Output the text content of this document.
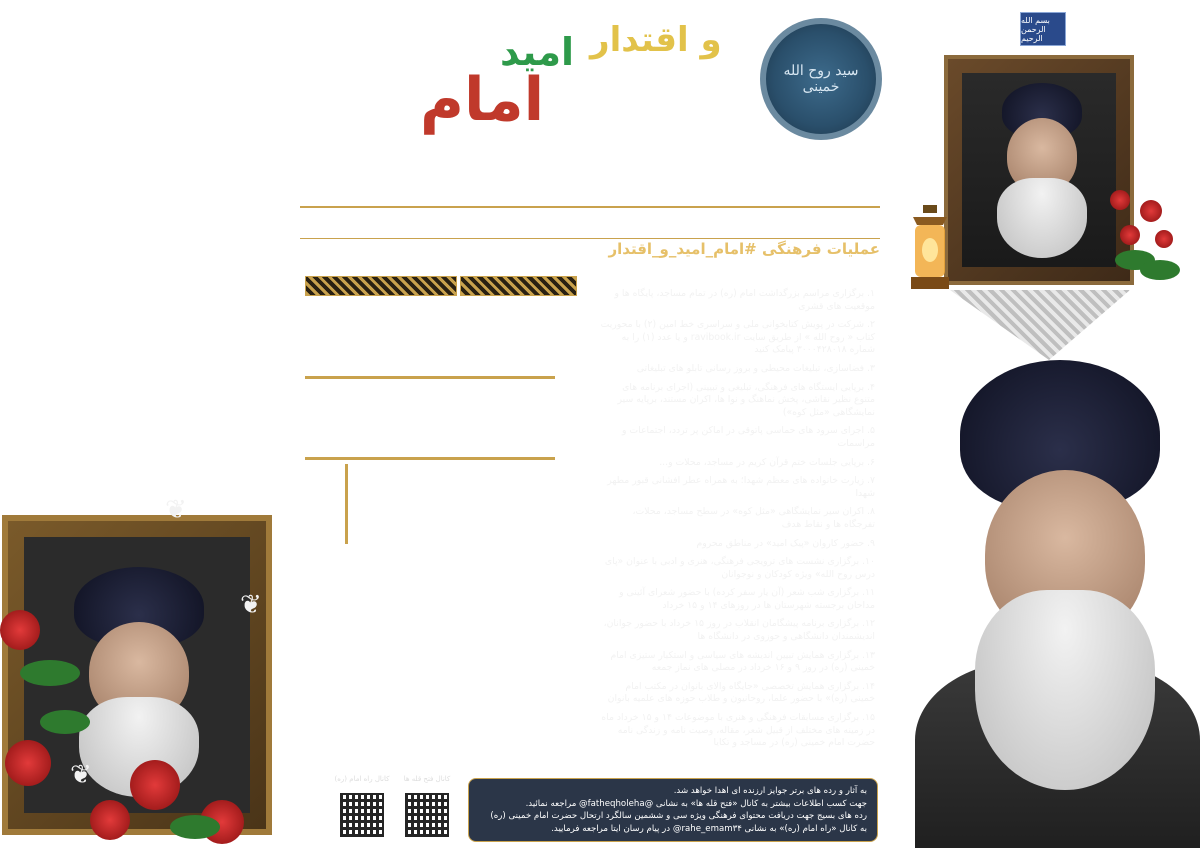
امام
امید و اقتدار
سید روح الله خمینی
بسم الله الرحمن الرحیم
به مناسبت سی و ششمین سالگرد ارتحال امام خمینی (ره)
به همت معاونت فرهنگی هنری سازمان بسیج مستضعفین
عملیات فرهنگی #امام_امید_و_اقتدار
۱۳ الی ۱۵ خرداد ماه ۱۴۰۴
آثار ارسالی بایستی مطابق با محور های عملیات فرهنگی باشد
۱_ فیلم ۶۰ الی ۱۰۰ ثانیه ای
۲_ عکس
شرکت کنندگان می توانند آثار خود را مطابق محور های ابلاغی درگروه های فتح قله های استان ها ارسال نمایند.
هشتگ محور های ابلاغی #امام_امید_و_اقتدار بایستی در تمامی گزارشات و آثار ارسالی رده ها درگروه های فتح قله های استان ها درج گردد.
کانال راه امام (ره)	کانال فتح قله ها
اداره عملیات تبلیغی و فضاسازی
معاونت فرهنگی هنری سازمان بسیج مستضعفین
محور های عملیات فرهنگی:
۱. برگزاری مراسم بزرگداشت امام (ره) در تمام مساجد، پایگاه ها و موقعیت های قشری
۲. شرکت در پویش کتابخوانی ملی و سراسری خط امین (۲) با محوریت کتاب « روح الله » از طریق سایت ravibook.ir و یا عدد (۱) را به شماره ۳۰۰۰۴۲۸۰۱۸ پیامک کنید
۳. فضاسازی، تبلیغات محیطی و بروز رسانی تابلو های تبلیغاتی
۴. برپایی ایستگاه های فرهنگی، تبلیغی و تبیینی (اجرای برنامه های متنوع نظیر نقاشی، پخش نماهنگ و نوا ها، اکران مستند، برپایه سیر نمایشگاهی «مثل کوه»)
۵. اجرای سرود های حماسی پاتوقی در اماکن پر تردد، اجتماعات و مراسمات
۶. برپایی جلسات ختم قرآن کریم در مساجد، محلات و...
۷. زیارت خانواده های معظم شهدا؛ به همراه عطر افشانی قبور مطهر شهدا
۸. اکران سیر نمایشگاهی «مثل کوه» در سطح مساجد، محلات، تفرجگاه ها و نقاط هدف
۹. حضور کاروان «پیک امید» در مناطق محروم
۱۰. برگزاری نشست های ترویجی فرهنگی، هنری و ادبی با عنوان «پای درس روح الله» ویژه کودکان و نوجوانان
۱۱. برگزاری شب شعر (آن یار سفر کرده) با حضور شعرای آئینی و مداحان برجسته شهرستان ها در روزهای ۱۴ و ۱۵ خرداد
۱۲. برگزاری برنامه پیشگامان انقلاب در روز ۱۵ خرداد با حضور جوانان، اندیشمندان دانشگاهی و حوزوی در دانشگاه ها
۱۳. برگزاری همایش تبیین اندیشه های سیاسی و استکبار ستیزی امام خمینی (ره) در روز ۹ و ۱۶ خرداد در مصلی های نماز جمعه
۱۴. برگزاری همایش تخصصی «جایگاه والای بانوان در مکتب امام خمینی (ره)» با حضور علما، روحانیون و طلاب حوزه های علمیه بانوان
۱۵. برگزاری مسابقات فرهنگی و هنری با موضوعات ۱۴ و ۱۵ خرداد ماه در زمینه های مختلف از قبیل شعر، مقاله، وصیت نامه و زندگی نامه حضرت امام خمینی (ره) در مساجد و تکایا
به آثار و رده های برتر جوایز ارزنده ای اهدا خواهد شد.
جهت کسب اطلاعات بیشتر به کانال «فتح قله ها» به نشانی @fatheqholeha@ مراجعه نمائید.
رده های بسیج جهت دریافت محتوای فرهنگی ویژه سی و ششمین سالگرد ارتحال حضرت امام خمینی (ره)
به کانال «راه امام (ره)» به نشانی rahe_emam۳۴@ در پیام رسان ایتا مراجعه فرمایید.
❦
❦
❦
